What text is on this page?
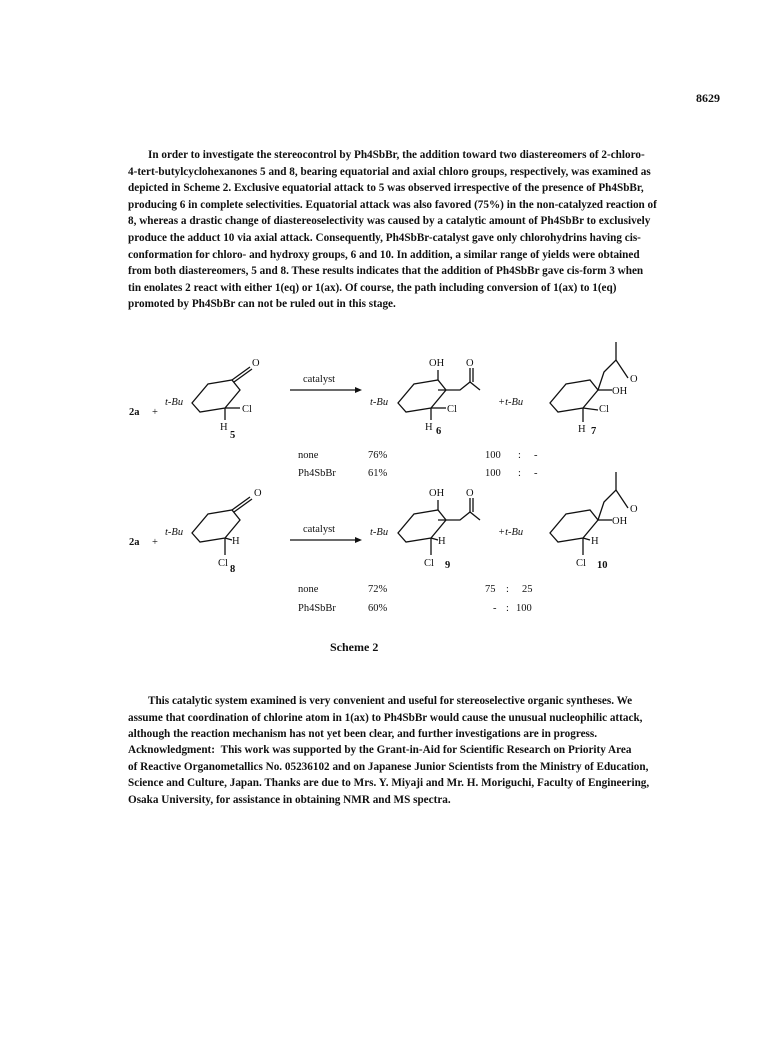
8629
In order to investigate the stereocontrol by Ph4SbBr, the addition toward two diastereomers of 2-chloro-
4-tert-butylcyclohexanones 5 and 8, bearing equatorial and axial chloro groups, respectively, was examined as
depicted in Scheme 2. Exclusive equatorial attack to 5 was observed irrespective of the presence of Ph4SbBr,
producing 6 in complete selectivities. Equatorial attack was also favored (75%) in the non-catalyzed reaction of
8, whereas a drastic change of diastereoselectivity was caused by a catalytic amount of Ph4SbBr to exclusively
produce the adduct 10 via axial attack. Consequently, Ph4SbBr-catalyst gave only chlorohydrins having cis-
conformation for chloro- and hydroxy groups, 6 and 10. In addition, a similar range of yields were obtained
from both diastereomers, 5 and 8. These results indicates that the addition of Ph4SbBr gave cis-form 3 when
tin enolates 2 react with either 1(eq) or 1(ax). Of course, the path including conversion of 1(ax) to 1(eq)
promoted by Ph4SbBr can not be ruled out in this stage.
2a +
t-Bu
O
Cl
H
5
catalyst
t-Bu
OH O
Cl
H 6
+t-Bu
OH
O
Cl
H 7
none	76%	100 : -
Ph4SbBr	61%	100 : -
2a +
t-Bu
O
H
Cl
8
catalyst	t-Bu
OH O
H
Cl 9
+t-Bu
OH
O
H
Cl 10
none	72%	75 : 25
Ph4SbBr	60%	- : 100
Scheme 2
This catalytic system examined is very convenient and useful for stereoselective organic syntheses. We
assume that coordination of chlorine atom in 1(ax) to Ph4SbBr would cause the unusual nucleophilic attack,
although the reaction mechanism has not yet been clear, and further investigations are in progress.
Acknowledgment: This work was supported by the Grant-in-Aid for Scientific Research on Priority Area
of Reactive Organometallics No. 05236102 and on Japanese Junior Scientists from the Ministry of Education,
Science and Culture, Japan. Thanks are due to Mrs. Y. Miyaji and Mr. H. Moriguchi, Faculty of Engineering,
Osaka University, for assistance in obtaining NMR and MS spectra.
